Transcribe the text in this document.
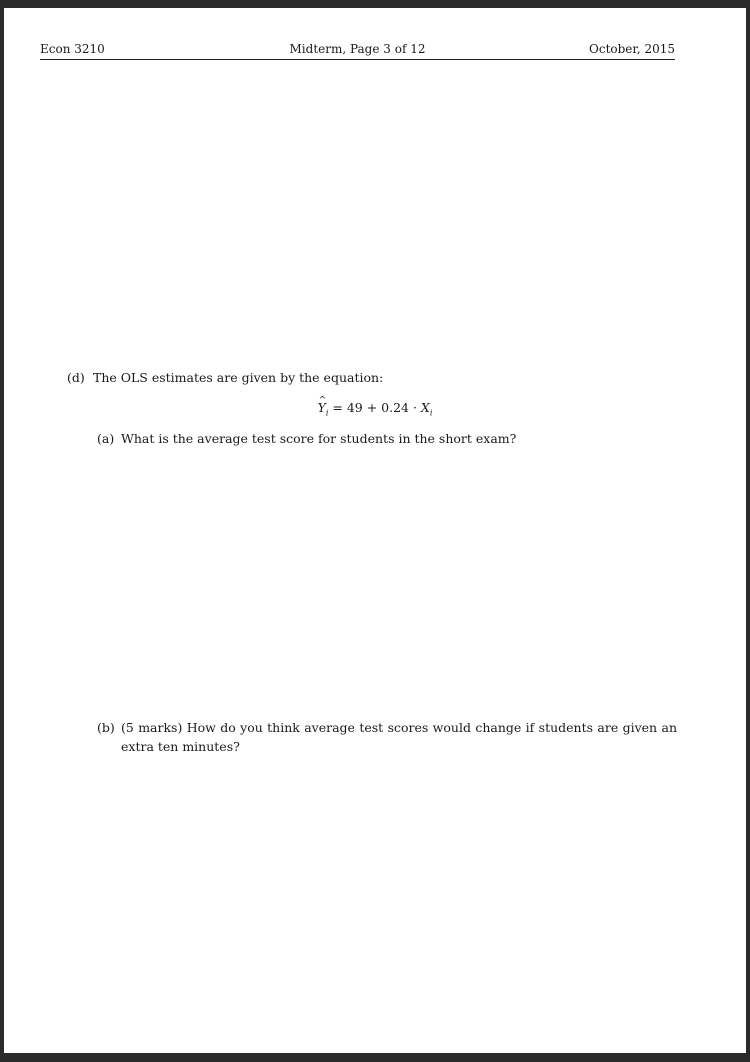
Econ 3210	Midterm, Page 3 of 12	October, 2015
(d) The OLS estimates are given by the equation:
^ $Y_i = 49 + 0.24 \cdot X_i$
(a) What is the average test score for students in the short exam?
(b) (5 marks) How do you think average test scores would change if students are given an extra ten minutes?
